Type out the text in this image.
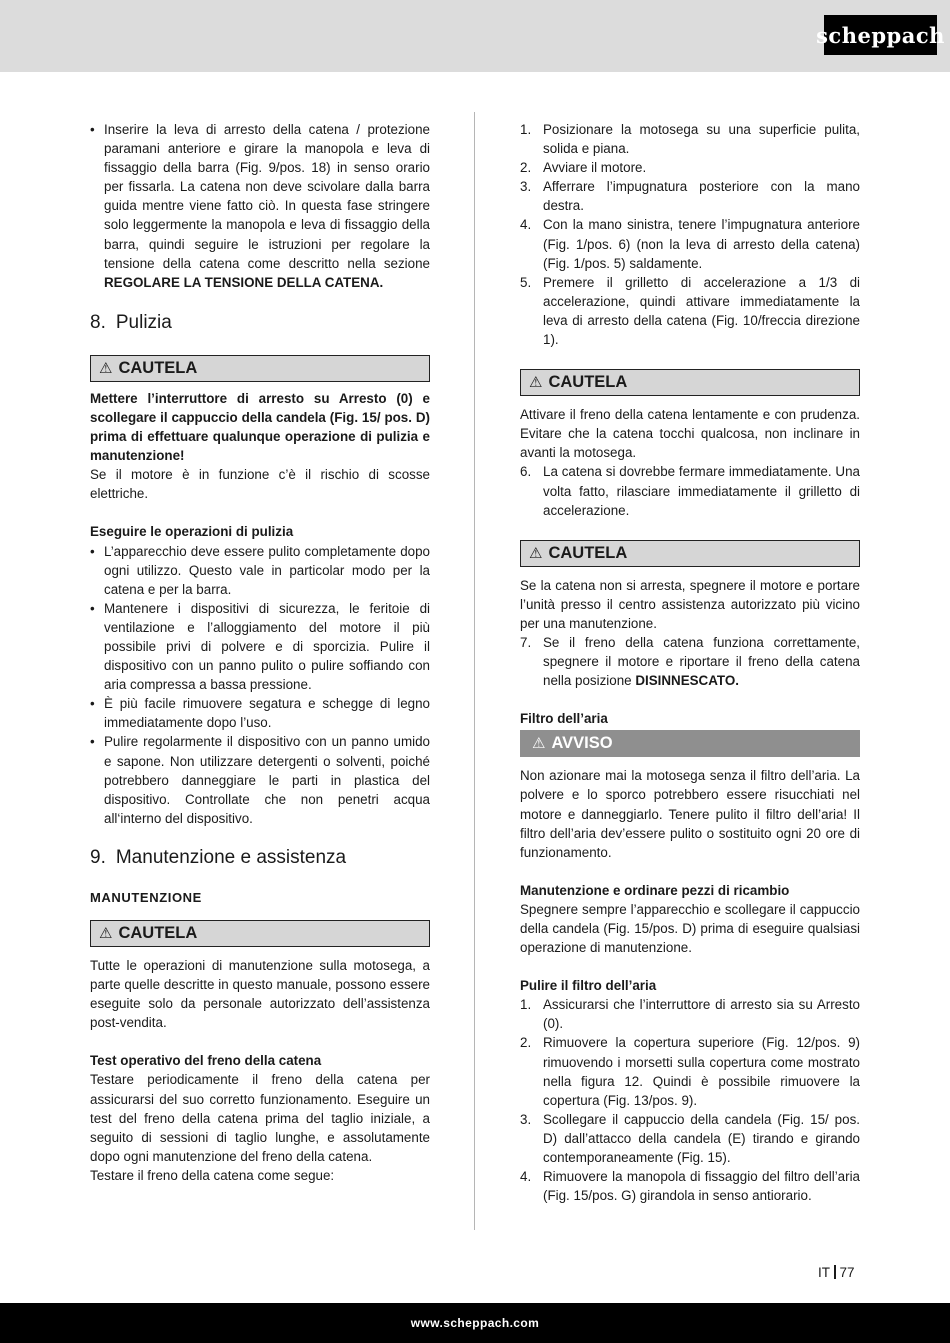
scheppach
• Inserire la leva di arresto della catena / protezione paramani anteriore e girare la manopola e leva di fissaggio della barra (Fig. 9/pos. 18) in senso orario per fissarla. La catena non deve scivolare dalla barra guida mentre viene fatto ciò. In questa fase stringere solo leggermente la manopola e leva di fissaggio della barra, quindi seguire le istruzioni per regolare la tensione della catena come descritto nella sezione REGOLARE LA TENSIONE DELLA CATENA.
8. Pulizia
⚠ CAUTELA

Mettere l’interruttore di arresto su Arresto (0) e scollegare il cappuccio della candela (Fig. 15/ pos. D) prima di effettuare qualunque operazione di pulizia e manutenzione!

Se il motore è in funzione c’è il rischio di scosse elettriche.

Eseguire le operazioni di pulizia

• L’apparecchio deve essere pulito completamente dopo ogni utilizzo. Questo vale in particolar modo per la catena e per la barra.
• Mantenere i dispositivi di sicurezza, le feritoie di ventilazione e l’alloggiamento del motore il più possibile privi di polvere e di sporcizia. Pulire il dispositivo con un panno pulito o pulire soffiando con aria compressa a bassa pressione.
• È più facile rimuovere segatura e schegge di legno immediatamente dopo l’uso.
• Pulire regolarmente il dispositivo con un panno umido e sapone. Non utilizzare detergenti o solventi, poiché potrebbero danneggiare le parti in plastica del dispositivo. Controllate che non penetri acqua all‘interno del dispositivo.
9. Manutenzione e assistenza

MANUTENZIONE

⚠ CAUTELA

Tutte le operazioni di manutenzione sulla motosega, a parte quelle descritte in questo manuale, possono essere eseguite solo da personale autorizzato dell’assistenza post-vendita.

Test operativo del freno della catena

Testare periodicamente il freno della catena per assicurarsi del suo corretto funzionamento. Eseguire un test del freno della catena prima del taglio iniziale, a seguito di sessioni di taglio lunghe, e assolutamente dopo ogni manutenzione del freno della catena.

Testare il freno della catena come segue:

1. Posizionare la motosega su una superficie pulita, solida e piana.
2. Avviare il motore.
3. Afferrare l’impugnatura posteriore con la mano destra.
4. Con la mano sinistra, tenere l’impugnatura anteriore (Fig. 1/pos. 6) (non la leva di arresto della catena) (Fig. 1/pos. 5) saldamente.
5. Premere il grilletto di accelerazione a 1/3 di accelerazione, quindi attivare immediatamente la leva di arresto della catena (Fig. 10/freccia direzione 1).
⚠ CAUTELA

Attivare il freno della catena lentamente e con prudenza. Evitare che la catena tocchi qualcosa, non inclinare in avanti la motosega.

6. La catena si dovrebbe fermare immediatamente. Una volta fatto, rilasciare immediatamente il grilletto di accelerazione.
⚠ CAUTELA

Se la catena non si arresta, spegnere il motore e portare l’unità presso il centro assistenza autorizzato più vicino per una manutenzione.

7. Se il freno della catena funziona correttamente, spegnere il motore e riportare il freno della catena nella posizione DISINNESCATO.

Filtro dell’aria

⚠ AVVISO

Non azionare mai la motosega senza il filtro dell’aria. La polvere e lo sporco potrebbero essere risucchiati nel motore e danneggiarlo. Tenere pulito il filtro dell’aria! Il filtro dell’aria dev’essere pulito o sostituito ogni 20 ore di funzionamento.

Manutenzione e ordinare pezzi di ricambio

Spegnere sempre l’apparecchio e scollegare il cappuccio della candela (Fig. 15/pos. D) prima di eseguire qualsiasi operazione di manutenzione.

Pulire il filtro dell’aria

1. Assicurarsi che l’interruttore di arresto sia su Arresto (0).
2. Rimuovere la copertura superiore (Fig. 12/pos. 9) rimuovendo i morsetti sulla copertura come mostrato nella figura 12. Quindi è possibile rimuovere la copertura (Fig. 13/pos. 9).
3. Scollegare il cappuccio della candela (Fig. 15/ pos. D) dall’attacco della candela (E) tirando e girando contemporaneamente (Fig. 15).
4. Rimuovere la manopola di fissaggio del filtro dell’aria (Fig. 15/pos. G) girandola in senso antiorario.
IT 77
www.scheppach.com
